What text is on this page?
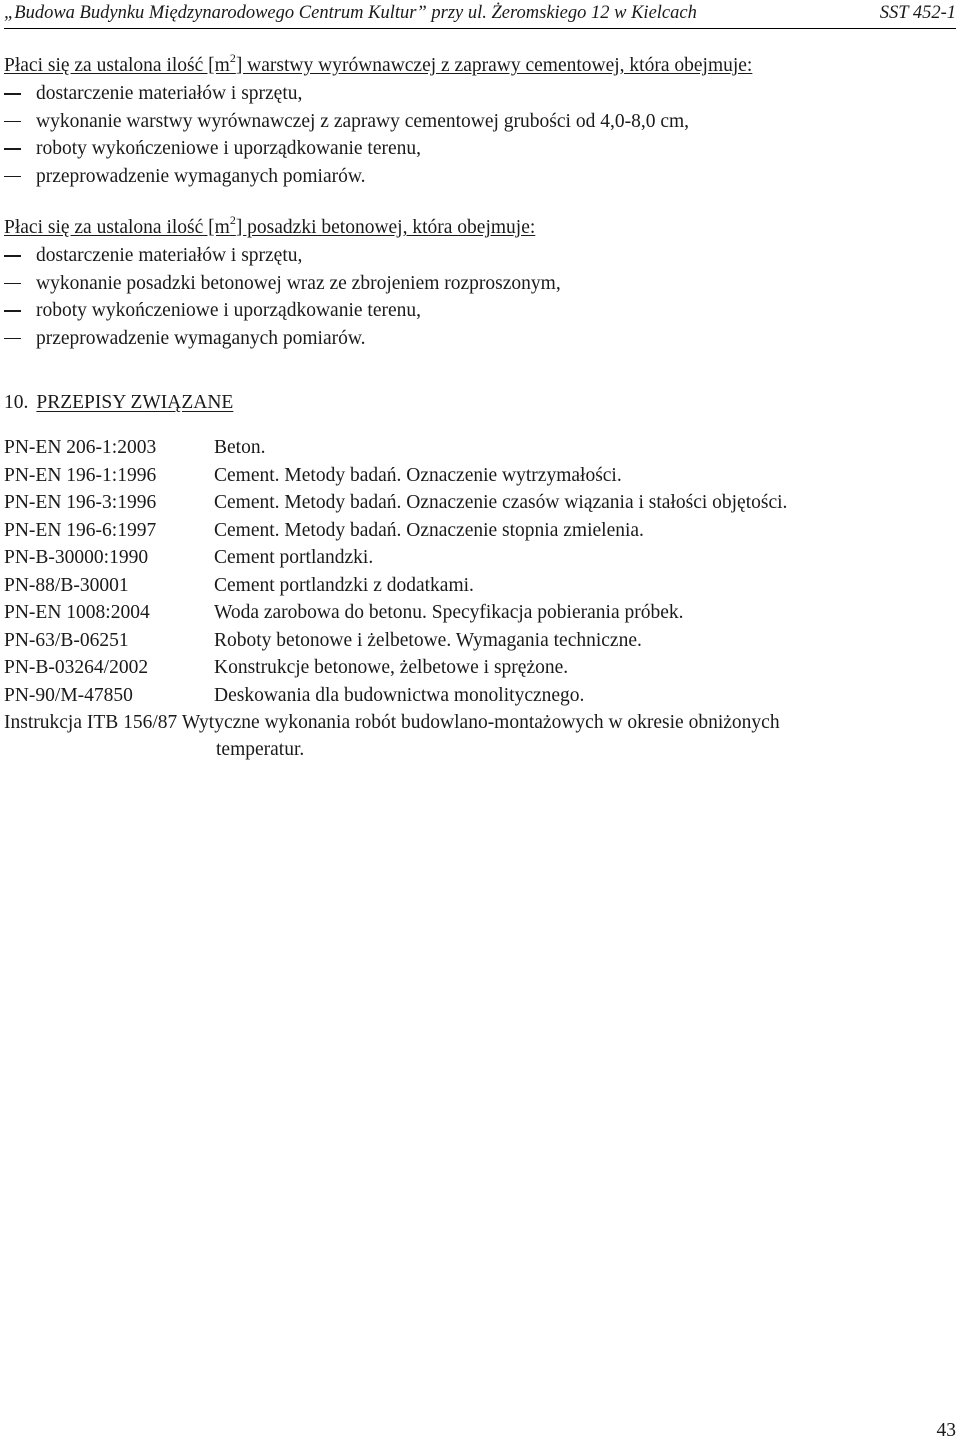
„Budowa Budynku Międzynarodowego Centrum Kultur” przy ul. Żeromskiego 12 w Kielcach	SST 452-1
Płaci się za ustalona ilość $[m^2]$ warstwy wyrównawczej z zaprawy cementowej, która obejmuje:
dostarczenie materiałów i sprzętu,
wykonanie warstwy wyrównawczej z zaprawy cementowej grubości od 4,0-8,0 cm,
roboty wykończeniowe i uporządkowanie terenu,
przeprowadzenie wymaganych pomiarów.
Płaci się za ustalona ilość $[m^2]$ posadzki betonowej, która obejmuje:
dostarczenie materiałów i sprzętu,
wykonanie posadzki betonowej wraz ze zbrojeniem rozproszonym,
roboty wykończeniowe i uporządkowanie terenu,
przeprowadzenie wymaganych pomiarów.
10. PRZEPISY ZWIĄZANE
PN-EN 206-1:2003	Beton.
PN-EN 196-1:1996	Cement. Metody badań. Oznaczenie wytrzymałości.
PN-EN 196-3:1996	Cement. Metody badań. Oznaczenie czasów wiązania i stałości objętości.
PN-EN 196-6:1997	Cement. Metody badań. Oznaczenie stopnia zmielenia.
PN-B-30000:1990	Cement portlandzki.
PN-88/B-30001	Cement portlandzki z dodatkami.
PN-EN 1008:2004	Woda zarobowa do betonu. Specyfikacja pobierania próbek.
PN-63/B-06251	Roboty betonowe i żelbetowe. Wymagania techniczne.
PN-B-03264/2002	Konstrukcje betonowe, żelbetowe i sprężone.
PN-90/M-47850	Deskowania dla budownictwa monolitycznego.
Instrukcja ITB 156/87 Wytyczne wykonania robót budowlano-montażowych w okresie obniżonych
temperatur.
43
